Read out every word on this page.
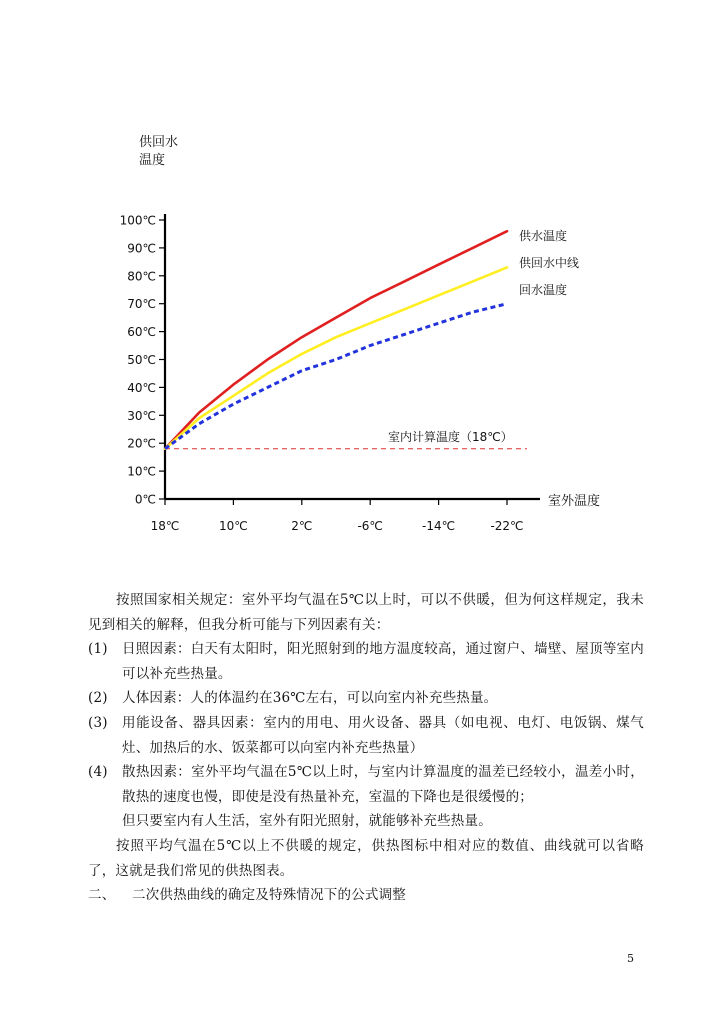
供回水
温度
0℃
10℃
20℃
30℃
40℃
50℃
60℃
70℃
80℃
90℃
100℃
18℃	10℃	2℃	-6℃	-14℃	-22℃
室外温度
室内计算温度（18℃）
供水温度
供回水中线
回水温度

按照国家相关规定：室外平均气温在5℃以上时，可以不供暖，但为何这样规定，我未见到相关的解释，但我分析可能与下列因素有关：

(1)	日照因素：白天有太阳时，阳光照射到的地方温度较高，通过窗户、墙壁、屋顶等室内可以补充些热量。
(2)	人体因素：人的体温约在36℃左右，可以向室内补充些热量。
(3)	用能设备、器具因素：室内的用电、用火设备、器具（如电视、电灯、电饭锅、煤气灶、加热后的水、饭菜都可以向室内补充些热量）
(4)	散热因素：室外平均气温在5℃以上时，与室内计算温度的温差已经较小，温差小时，散热的速度也慢，即使是没有热量补充，室温的下降也是很缓慢的；
但只要室内有人生活，室外有阳光照射，就能够补充些热量。

按照平均气温在5℃以上不供暖的规定，供热图标中相对应的数值、曲线就可以省略了，这就是我们常见的供热图表。

二、	二次供热曲线的确定及特殊情况下的公式调整
5
